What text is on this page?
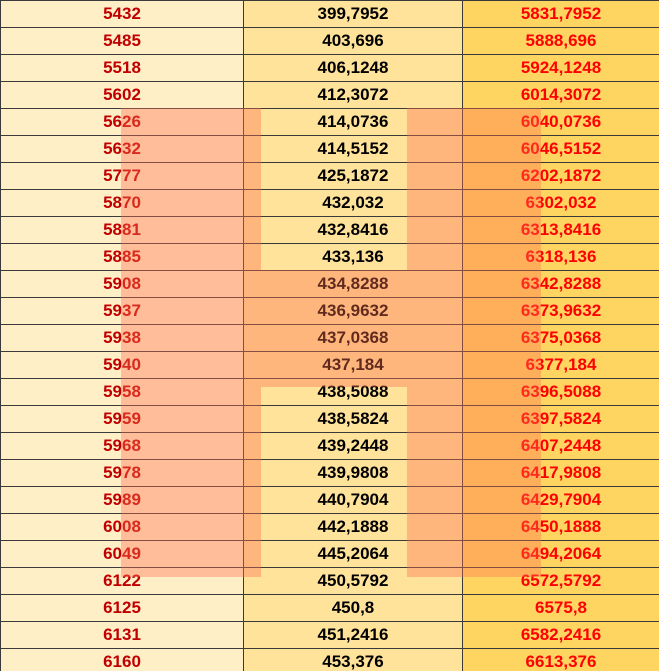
5432	399,7952	5831,7952
5485	403,696	5888,696
5518	406,1248	5924,1248
5602	412,3072	6014,3072
5626	414,0736	6040,0736
5632	414,5152	6046,5152
5777	425,1872	6202,1872
5870	432,032	6302,032
5881	432,8416	6313,8416
5885	433,136	6318,136
5908	434,8288	6342,8288
5937	436,9632	6373,9632
5938	437,0368	6375,0368
5940	437,184	6377,184
5958	438,5088	6396,5088
5959	438,5824	6397,5824
5968	439,2448	6407,2448
5978	439,9808	6417,9808
5989	440,7904	6429,7904
6008	442,1888	6450,1888
6049	445,2064	6494,2064
6122	450,5792	6572,5792
6125	450,8	6575,8
6131	451,2416	6582,2416
6160	453,376	6613,376
